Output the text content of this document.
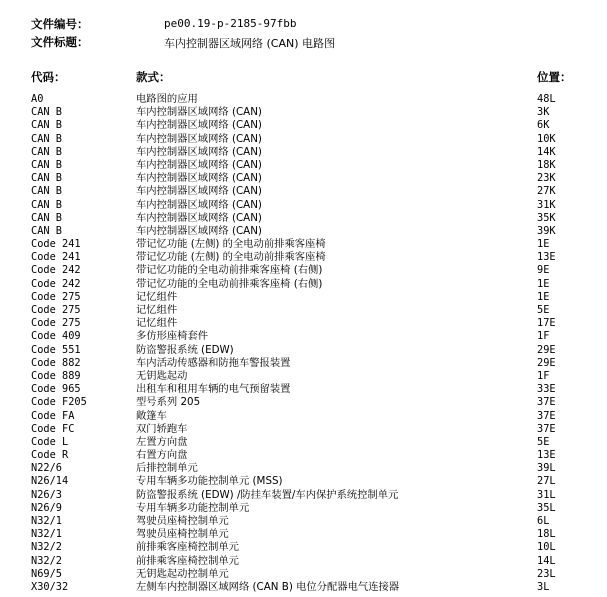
文件编号：	pe00.19-p-2185-97fbb
文件标题：	车内控制器区域网络 (CAN) 电路图
代码：	款式：	位置：
A0	电路图的应用	48L
CAN B	车内控制器区域网络 (CAN)	3K
CAN B	车内控制器区域网络 (CAN)	6K
CAN B	车内控制器区域网络 (CAN)	10K
CAN B	车内控制器区域网络 (CAN)	14K
CAN B	车内控制器区域网络 (CAN)	18K
CAN B	车内控制器区域网络 (CAN)	23K
CAN B	车内控制器区域网络 (CAN)	27K
CAN B	车内控制器区域网络 (CAN)	31K
CAN B	车内控制器区域网络 (CAN)	35K
CAN B	车内控制器区域网络 (CAN)	39K
Code 241	带记忆功能 (左侧) 的全电动前排乘客座椅	1E
Code 241	带记忆功能 (左侧) 的全电动前排乘客座椅	13E
Code 242	带记忆功能的全电动前排乘客座椅 (右侧)	9E
Code 242	带记忆功能的全电动前排乘客座椅 (右侧)	1E
Code 275	记忆组件	1E
Code 275	记忆组件	5E
Code 275	记忆组件	17E
Code 409	多仿形座椅套件	1F
Code 551	防盗警报系统 (EDW)	29E
Code 882	车内活动传感器和防拖车警报装置	29E
Code 889	无钥匙起动	1F
Code 965	出租车和租用车辆的电气预留装置	33E
Code F205	型号系列 205	37E
Code FA	敞篷车	37E
Code FC	双门轿跑车	37E
Code L	左置方向盘	5E
Code R	右置方向盘	13E
N22/6	后排控制单元	39L
N26/14	专用车辆多功能控制单元 (MSS)	27L
N26/3	防盗警报系统 (EDW) /防挂车装置/车内保护系统控制单元	31L
N26/9	专用车辆多功能控制单元	35L
N32/1	驾驶员座椅控制单元	6L
N32/1	驾驶员座椅控制单元	18L
N32/2	前排乘客座椅控制单元	10L
N32/2	前排乘客座椅控制单元	14L
N69/5	无钥匙起动控制单元	23L
X30/32	左侧车内控制器区域网络 (CAN B) 电位分配器电气连接器	3L
